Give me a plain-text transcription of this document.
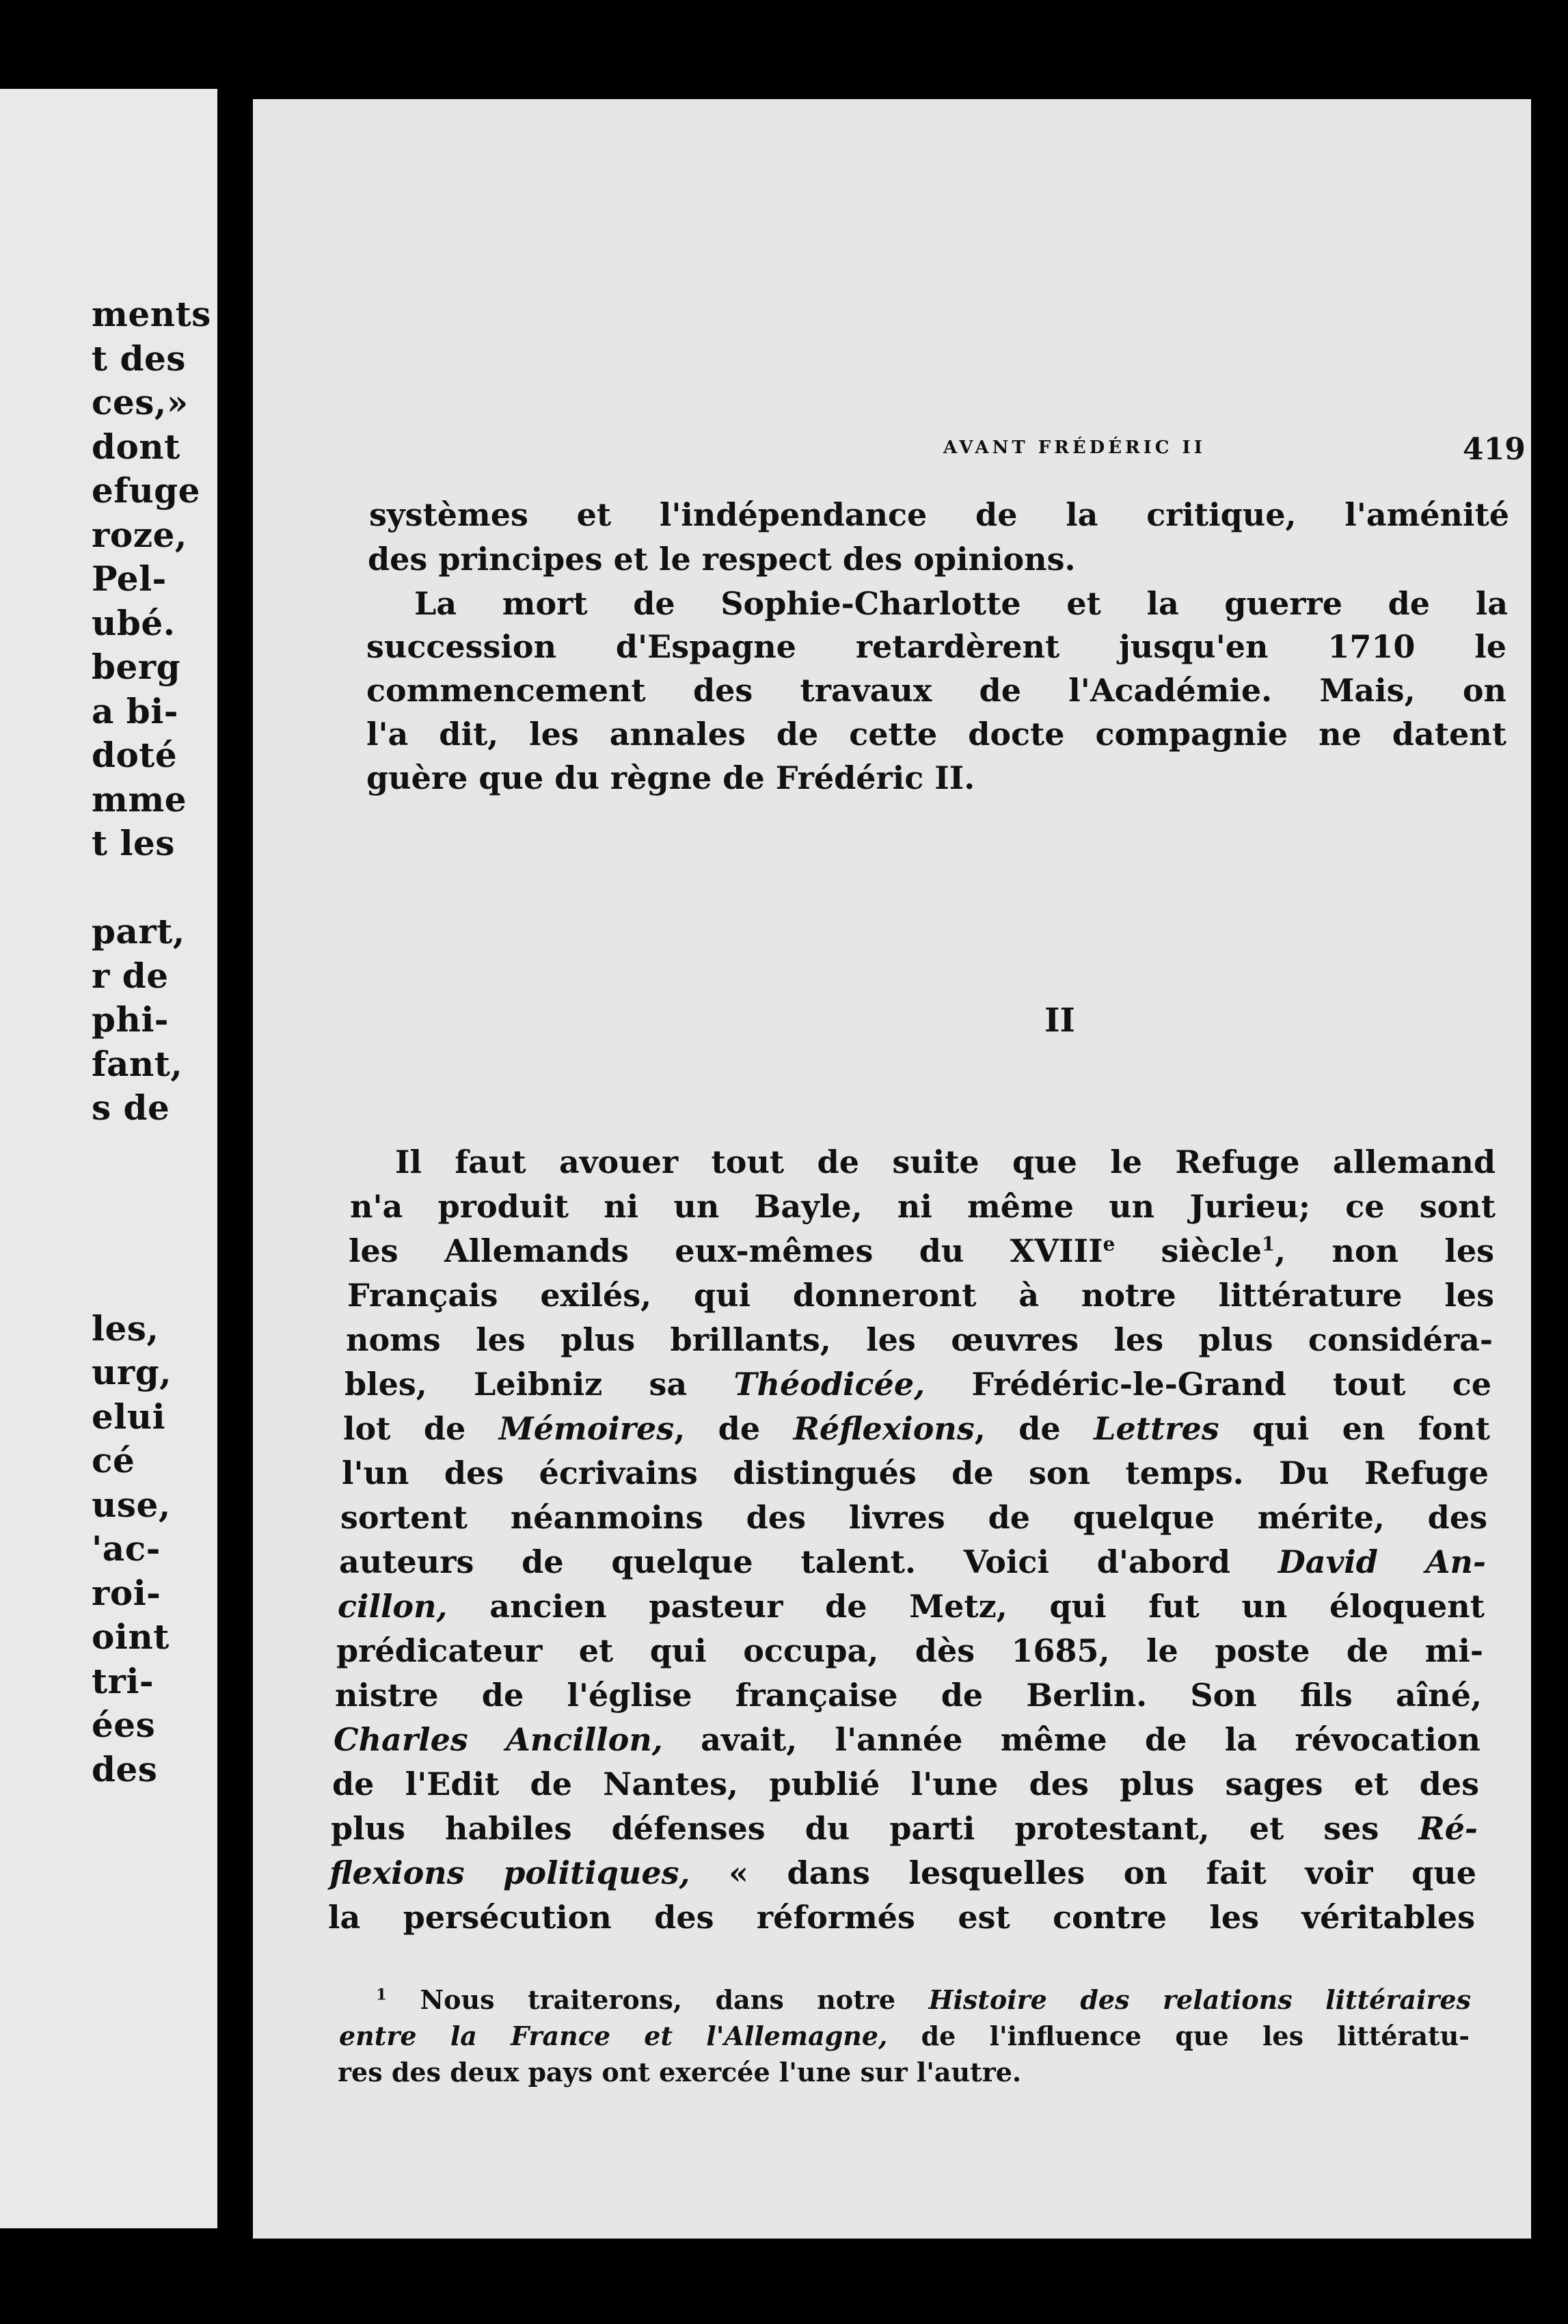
ments
t des
ces,»
dont
efuge
roze,
Pel-
ubé.
berg
a bi-
doté
mme
t les
part,
r de
phi-
fant,
s de
les,
urg,
elui
cé
use,
'ac-
roi-
oint
tri-
ées
des
AVANT FRÉDÉRIC II	419
systèmes et l'indépendance de la critique, l'aménité
des principes et le respect des opinions.
La mort de Sophie-Charlotte et la guerre de la
succession d'Espagne retardèrent jusqu'en 1710 le
commencement des travaux de l'Académie. Mais, on
l'a dit, les annales de cette docte compagnie ne datent
guère que du règne de Frédéric II.
II
Il faut avouer tout de suite que le Refuge allemand
n'a produit ni un Bayle, ni même un Jurieu; ce sont
les Allemands eux-mêmes du XVIIIe siècle$^1$, non les
Français exilés, qui donneront à notre littérature les
noms les plus brillants, les œuvres les plus considéra-
bles, Leibniz sa Théodicée, Frédéric-le-Grand tout ce
lot de Mémoires, de Réflexions, de Lettres qui en font
l'un des écrivains distingués de son temps. Du Refuge
sortent néanmoins des livres de quelque mérite, des
auteurs de quelque talent. Voici d'abord David An-
cillon, ancien pasteur de Metz, qui fut un éloquent
prédicateur et qui occupa, dès 1685, le poste de mi-
nistre de l'église française de Berlin. Son fils aîné,
Charles Ancillon, avait, l'année même de la révocation
de l'Edit de Nantes, publié l'une des plus sages et des
plus habiles défenses du parti protestant, et ses Ré-
flexions politiques, « dans lesquelles on fait voir que
la persécution des réformés est contre les véritables
$^1$ Nous traiterons, dans notre Histoire des relations littéraires
entre la France et l'Allemagne, de l'influence que les littératu-
res des deux pays ont exercée l'une sur l'autre.
